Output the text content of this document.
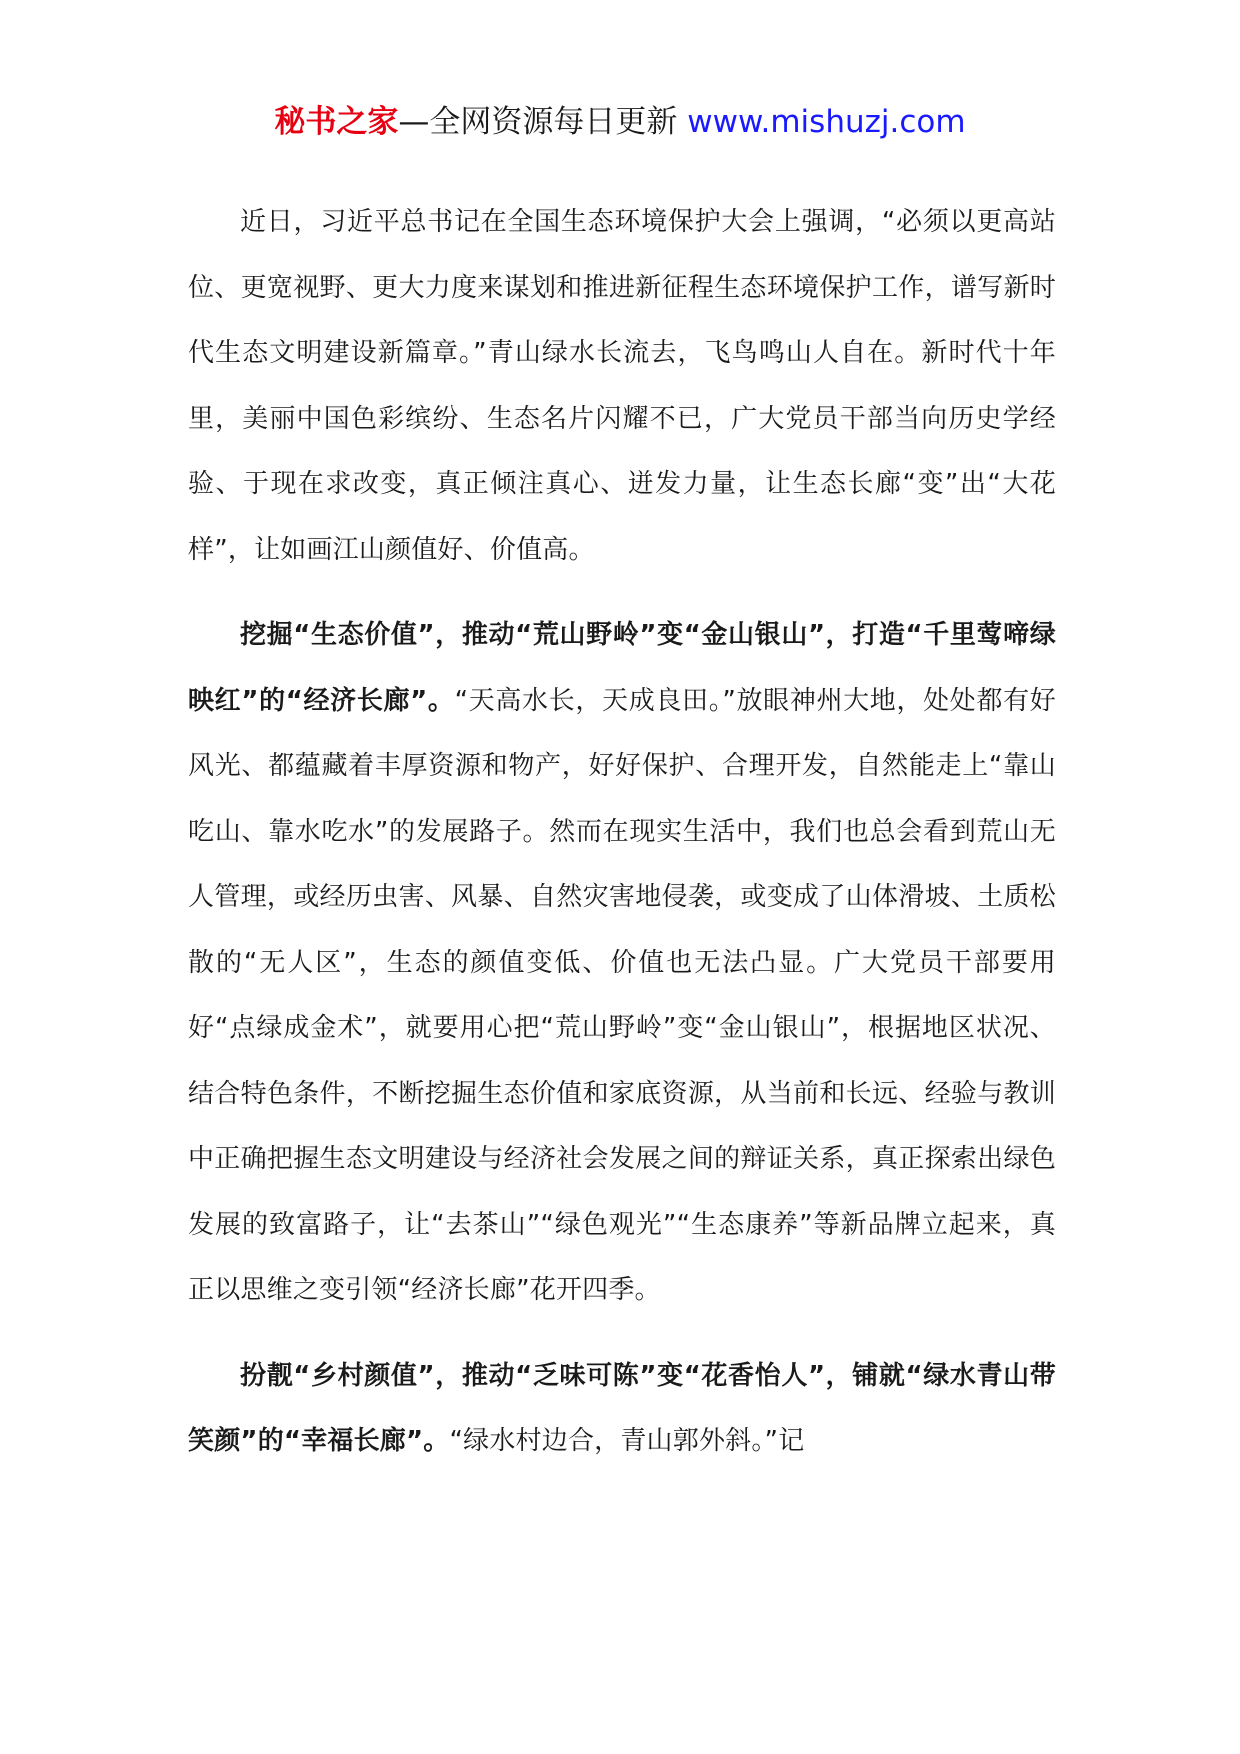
秘书之家—全网资源每日更新 www.mishuzj.com

近日，习近平总书记在全国生态环境保护大会上强调，“必须以更高站位、更宽视野、更大力度来谋划和推进新征程生态环境保护工作，谱写新时代生态文明建设新篇章。”青山绿水长流去，飞鸟鸣山人自在。新时代十年里，美丽中国色彩缤纷、生态名片闪耀不已，广大党员干部当向历史学经验、于现在求改变，真正倾注真心、迸发力量，让生态长廊“变”出“大花样”，让如画江山颜值好、价值高。

挖掘“生态价值”，推动“荒山野岭”变“金山银山”，打造“千里莺啼绿映红”的“经济长廊”。“天高水长，天成良田。”放眼神州大地，处处都有好风光、都蕴藏着丰厚资源和物产，好好保护、合理开发，自然能走上“靠山吃山、靠水吃水”的发展路子。然而在现实生活中，我们也总会看到荒山无人管理，或经历虫害、风暴、自然灾害地侵袭，或变成了山体滑坡、土质松散的“无人区”，生态的颜值变低、价值也无法凸显。广大党员干部要用好“点绿成金术”，就要用心把“荒山野岭”变“金山银山”，根据地区状况、结合特色条件，不断挖掘生态价值和家底资源，从当前和长远、经验与教训中正确把握生态文明建设与经济社会发展之间的辩证关系，真正探索出绿色发展的致富路子，让“去茶山”“绿色观光”“生态康养”等新品牌立起来，真正以思维之变引领“经济长廊”花开四季。

扮靓“乡村颜值”，推动“乏味可陈”变“花香怡人”，铺就“绿水青山带笑颜”的“幸福长廊”。“绿水村边合，青山郭外斜。”记
